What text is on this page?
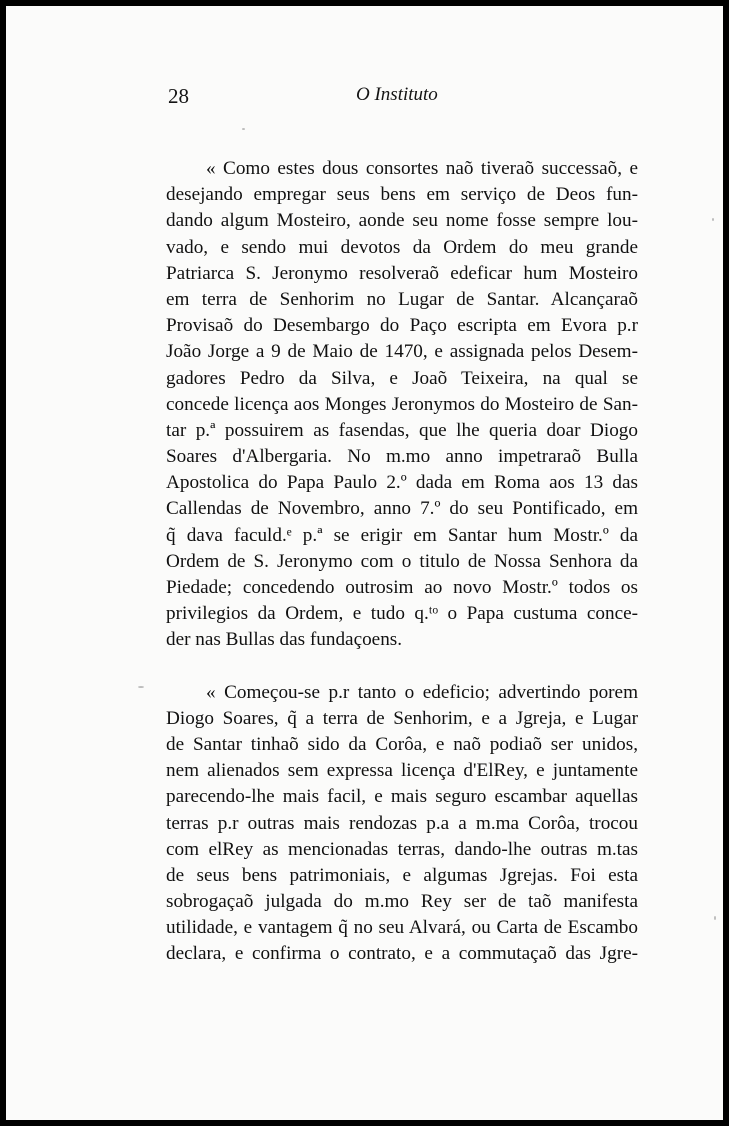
28	O Instituto

« Como estes dous consortes naõ tiveraõ successaõ, e
desejando empregar seus bens em serviço de Deos fun-
dando algum Mosteiro, aonde seu nome fosse sempre lou-
vado, e sendo mui devotos da Ordem do meu grande
Patriarca S. Jeronymo resolveraõ edeficar hum Mosteiro
em terra de Senhorim no Lugar de Santar. Alcançaraõ
Provisaõ do Desembargo do Paço escripta em Evora p.r
João Jorge a 9 de Maio de 1470, e assignada pelos Desem-
gadores Pedro da Silva, e Joaõ Teixeira, na qual se
concede licença aos Monges Jeronymos do Mosteiro de San-
tar p.ª possuirem as fasendas, que lhe queria doar Diogo
Soares d'Albergaria. No m.mo anno impetraraõ Bulla
Apostolica do Papa Paulo 2.º dada em Roma aos 13 das
Callendas de Novembro, anno 7.º do seu Pontificado, em
q̃ dava faculd.ᵉ p.ª se erigir em Santar hum Mostr.º da
Ordem de S. Jeronymo com o titulo de Nossa Senhora da
Piedade; concedendo outrosim ao novo Mostr.º todos os
privilegios da Ordem, e tudo q.ᵗᵒ o Papa custuma conce-
der nas Bullas das fundaçoens.

« Começou-se p.r tanto o edeficio; advertindo porem
Diogo Soares, q̃ a terra de Senhorim, e a Jgreja, e Lugar
de Santar tinhaõ sido da Corôa, e naõ podiaõ ser unidos,
nem alienados sem expressa licença d'ElRey, e juntamente
parecendo-lhe mais facil, e mais seguro escambar aquellas
terras p.r outras mais rendozas p.a a m.ma Corôa, trocou
com elRey as mencionadas terras, dando-lhe outras m.tas
de seus bens patrimoniais, e algumas Jgrejas. Foi esta
sobrogaçaõ julgada do m.mo Rey ser de taõ manifesta
utilidade, e vantagem q̃ no seu Alvará, ou Carta de Escambo
declara, e confirma o contrato, e a commutaçaõ das Jgre-
